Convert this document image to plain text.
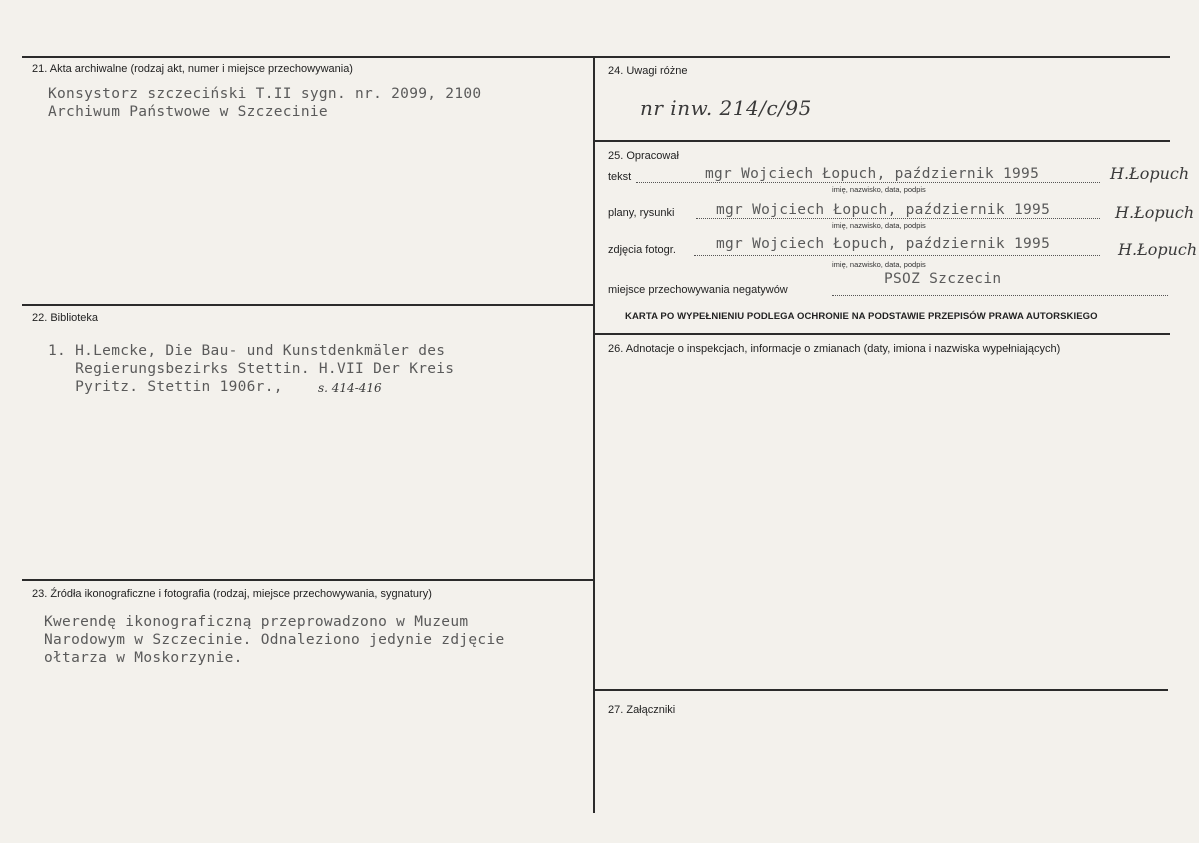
21. Akta archiwalne (rodzaj akt, numer i miejsce przechowywania)
Konsystorz szczeciński T.II sygn. nr. 2099, 2100
Archiwum Państwowe w Szczecinie
22. Biblioteka
1. H.Lemcke, Die Bau- und Kunstdenkmäler des
Regierungsbezirks Stettin. H.VII Der Kreis
Pyritz. Stettin 1906r.,	s. 414-416
23. Źródła ikonograficzne i fotografia (rodzaj, miejsce przechowywania, sygnatury)
Kwerendę ikonograficzną przeprowadzono w Muzeum
Narodowym w Szczecinie. Odnaleziono jedynie zdjęcie
ołtarza w Moskorzynie.
24. Uwagi różne
nr inw. 214/c/95
25. Opracował
tekst	mgr Wojciech Łopuch, październik 1995	H.Łopuch
imię, nazwisko, data, podpis
plany, rysunki	mgr Wojciech Łopuch, październik 1995	H.Łopuch
imię, nazwisko, data, podpis
zdjęcia fotogr.	mgr Wojciech Łopuch, październik 1995	H.Łopuch
imię, nazwisko, data, podpis
miejsce przechowywania negatywów
PSOZ Szczecin
KARTA PO WYPEŁNIENIU PODLEGA OCHRONIE NA PODSTAWIE PRZEPISÓW PRAWA AUTORSKIEGO
26. Adnotacje o inspekcjach, informacje o zmianach (daty, imiona i nazwiska wypełniających)
27. Załączniki
